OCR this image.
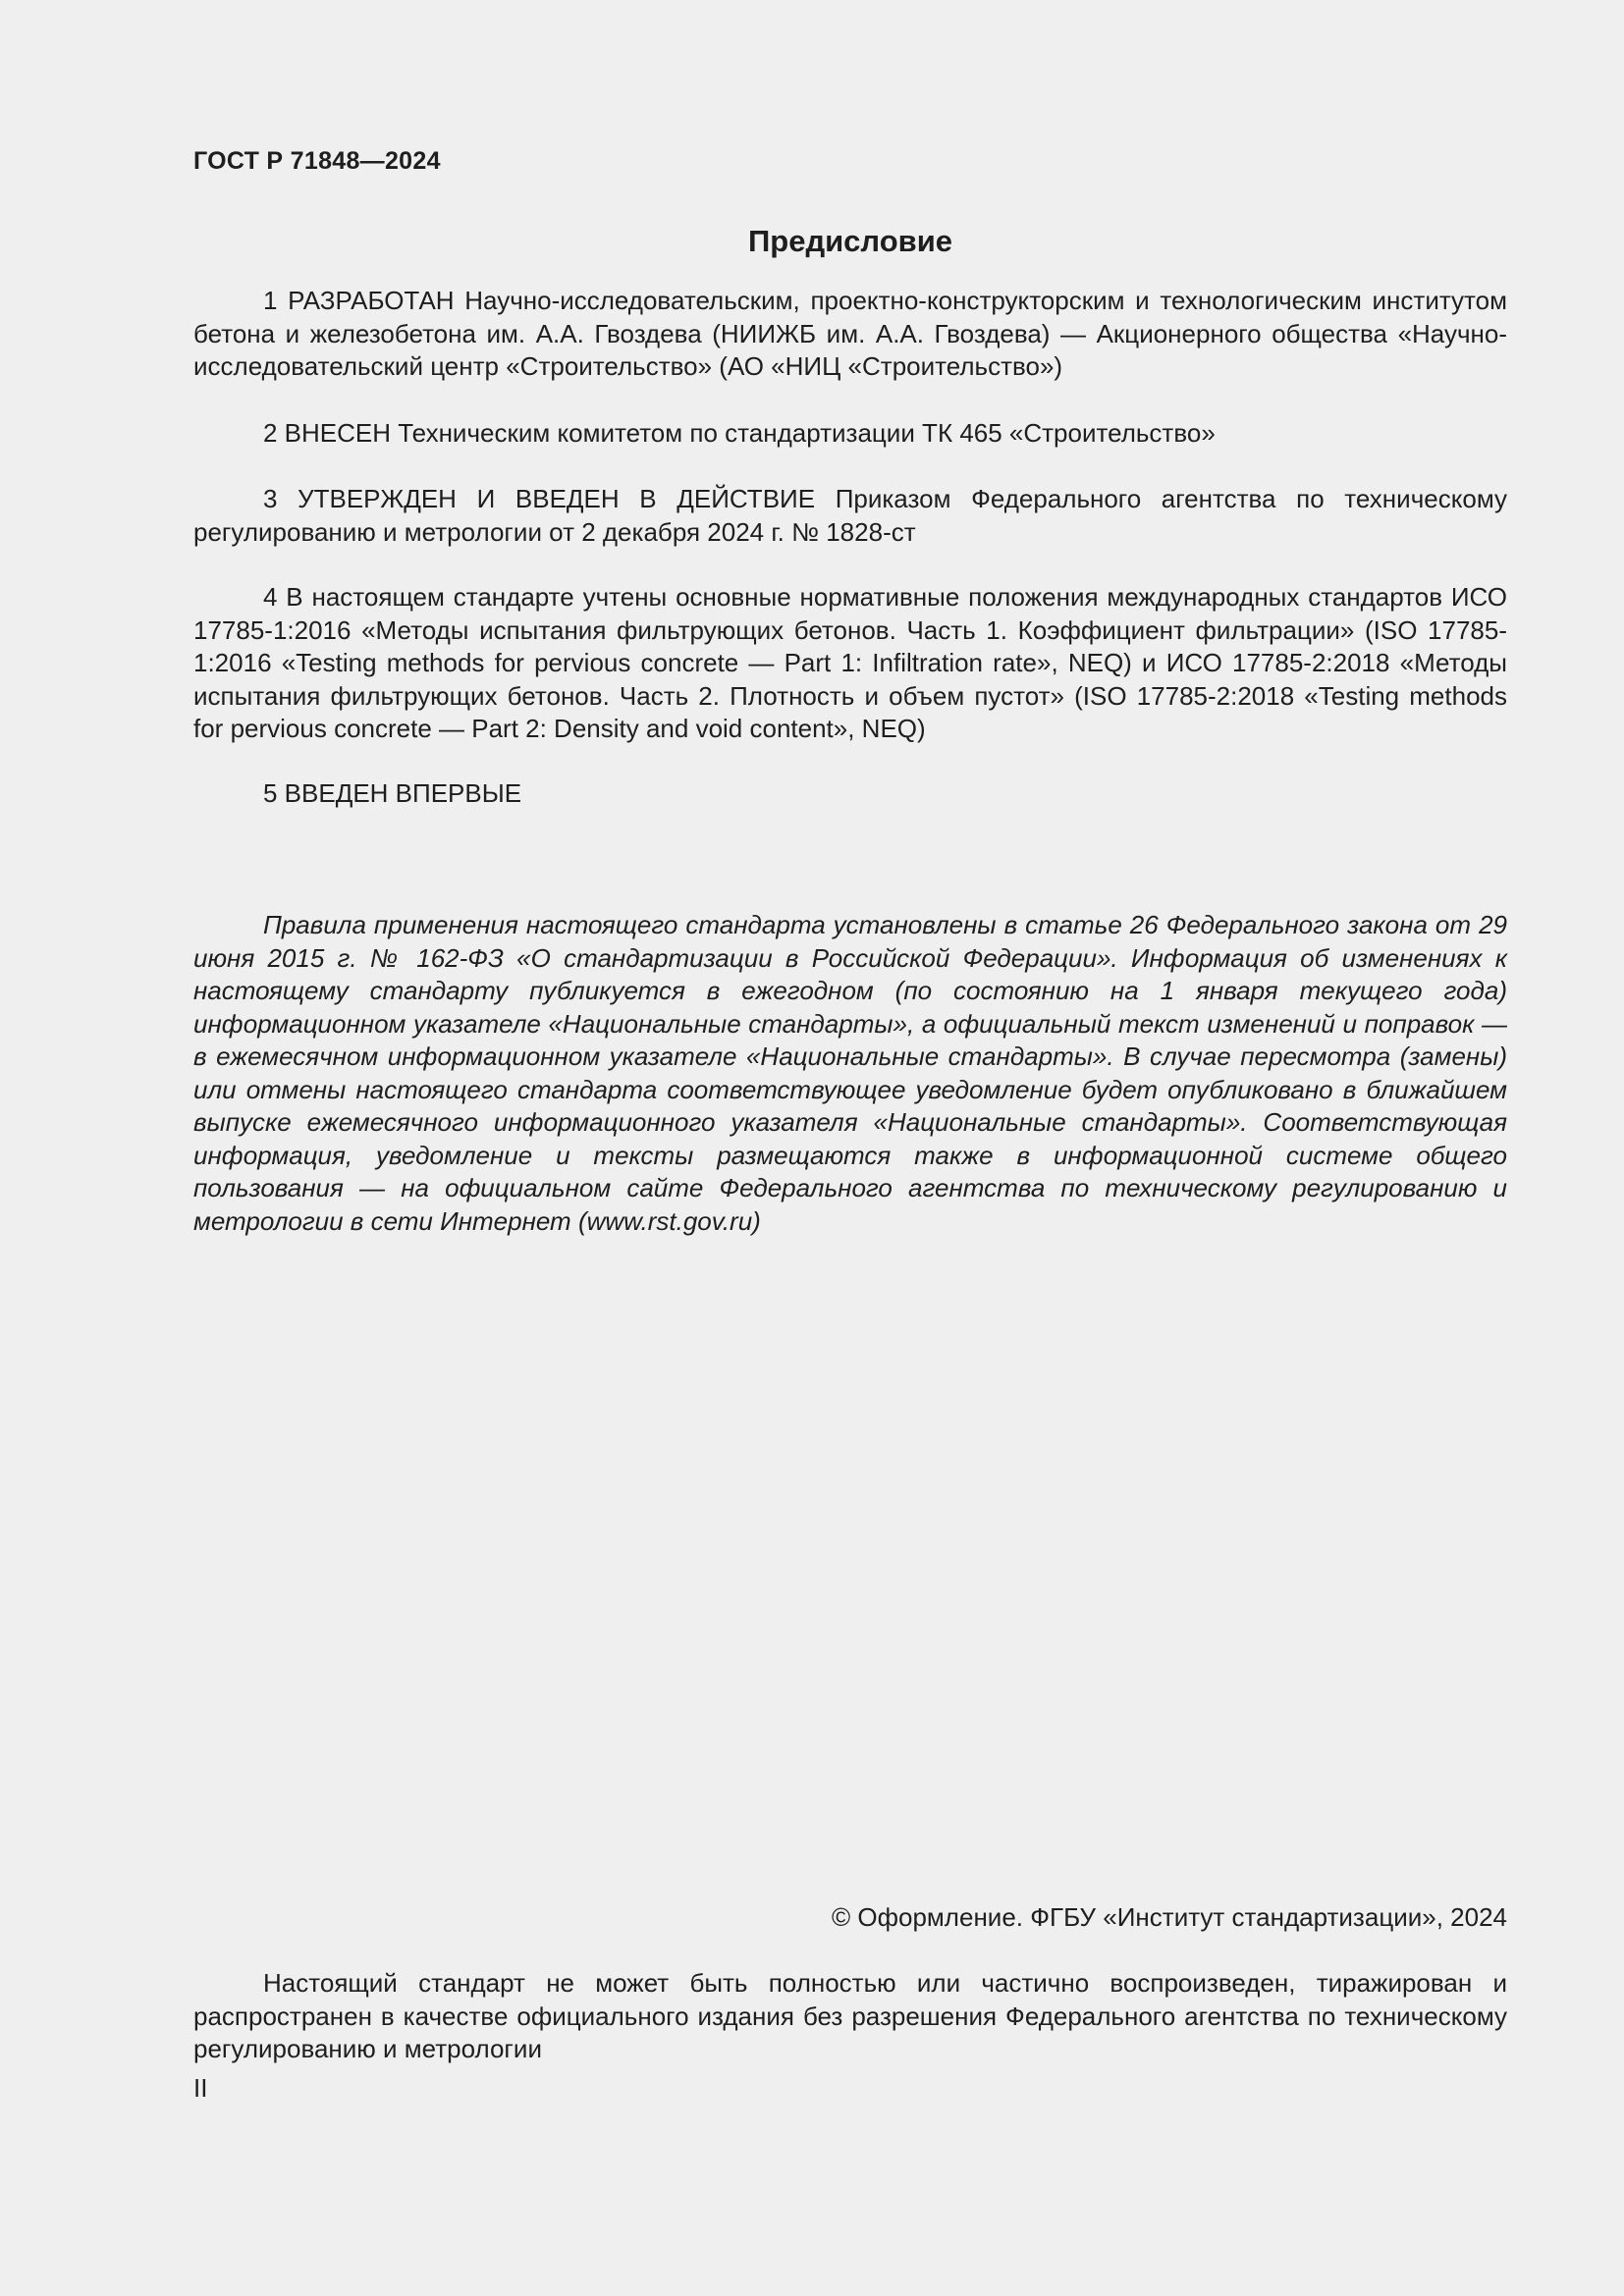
ГОСТ Р 71848—2024
Предисловие

1 РАЗРАБОТАН Научно-исследовательским, проектно-конструкторским и технологическим институтом бетона и железобетона им. А.А. Гвоздева (НИИЖБ им. А.А. Гвоздева) — Акционерного общества «Научно-исследовательский центр «Строительство» (АО «НИЦ «Строительство»)

2 ВНЕСЕН Техническим комитетом по стандартизации ТК 465 «Строительство»

3 УТВЕРЖДЕН И ВВЕДЕН В ДЕЙСТВИЕ Приказом Федерального агентства по техническому регулированию и метрологии от 2 декабря 2024 г. № 1828-ст

4 В настоящем стандарте учтены основные нормативные положения международных стандартов ИСО 17785-1:2016 «Методы испытания фильтрующих бетонов. Часть 1. Коэффициент фильтрации» (ISO 17785-1:2016 «Testing methods for pervious concrete — Part 1: Infiltration rate», NEQ) и ИСО 17785-2:2018 «Методы испытания фильтрующих бетонов. Часть 2. Плотность и объем пустот» (ISO 17785-2:2018 «Testing methods for pervious concrete — Part 2: Density and void content», NEQ)

5 ВВЕДЕН ВПЕРВЫЕ

Правила применения настоящего стандарта установлены в статье 26 Федерального закона от 29 июня 2015 г. № 162-ФЗ «О стандартизации в Российской Федерации». Информация об изменениях к настоящему стандарту публикуется в ежегодном (по состоянию на 1 января текущего года) информационном указателе «Национальные стандарты», а официальный текст изменений и поправок — в ежемесячном информационном указателе «Национальные стандарты». В случае пересмотра (замены) или отмены настоящего стандарта соответствующее уведомление будет опубликовано в ближайшем выпуске ежемесячного информационного указателя «Национальные стандарты». Соответствующая информация, уведомление и тексты размещаются также в информационной системе общего пользования — на официальном сайте Федерального агентства по техническому регулированию и метрологии в сети Интернет (www.rst.gov.ru)

© Оформление. ФГБУ «Институт стандартизации», 2024

Настоящий стандарт не может быть полностью или частично воспроизведен, тиражирован и распространен в качестве официального издания без разрешения Федерального агентства по техническому регулированию и метрологии

II
